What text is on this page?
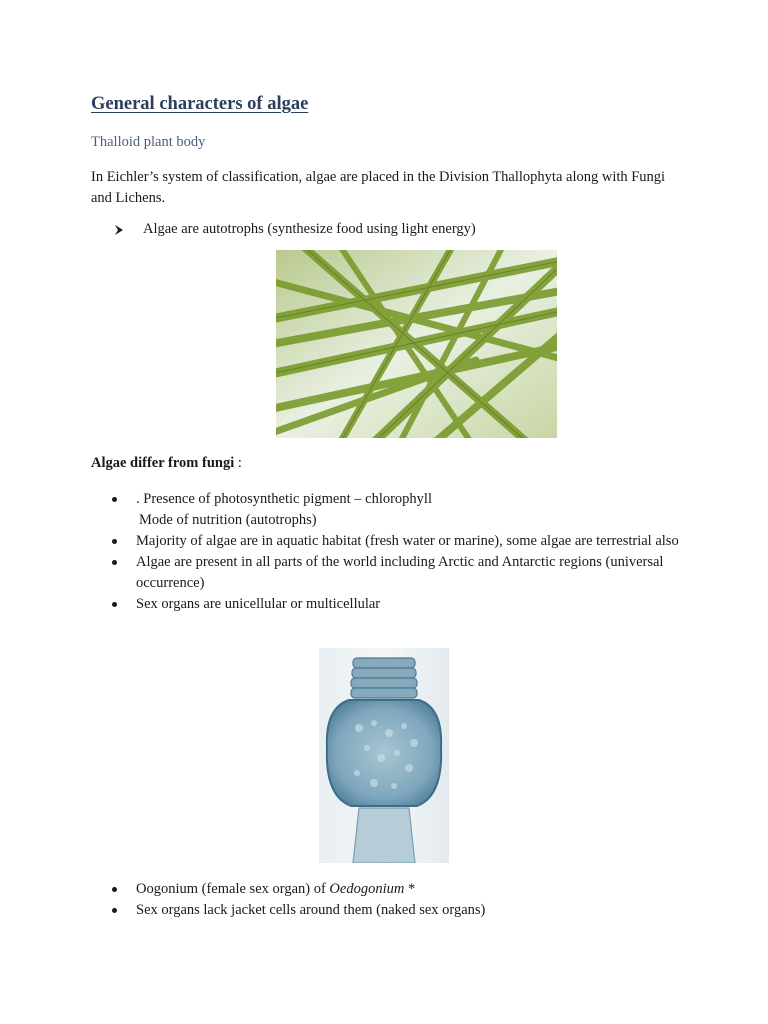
General characters of algae

Thalloid plant body

In Eichler’s system of classification, algae are placed in the Division Thallophyta along with Fungi and Lichens.

Algae are autotrophs (synthesize food using light energy)

Algae differ from fungi :

. Presence of photosynthetic pigment – chlorophyll
Mode of nutrition (autotrophs)
Majority of algae are in aquatic habitat (fresh water or marine), some algae are terrestrial also
Algae are present in all parts of the world including Arctic and Antarctic regions (universal occurrence)
Sex organs are unicellular or multicellular
Oogonium (female sex organ) of Oedogonium *
Sex organs lack jacket cells around them (naked sex organs)
